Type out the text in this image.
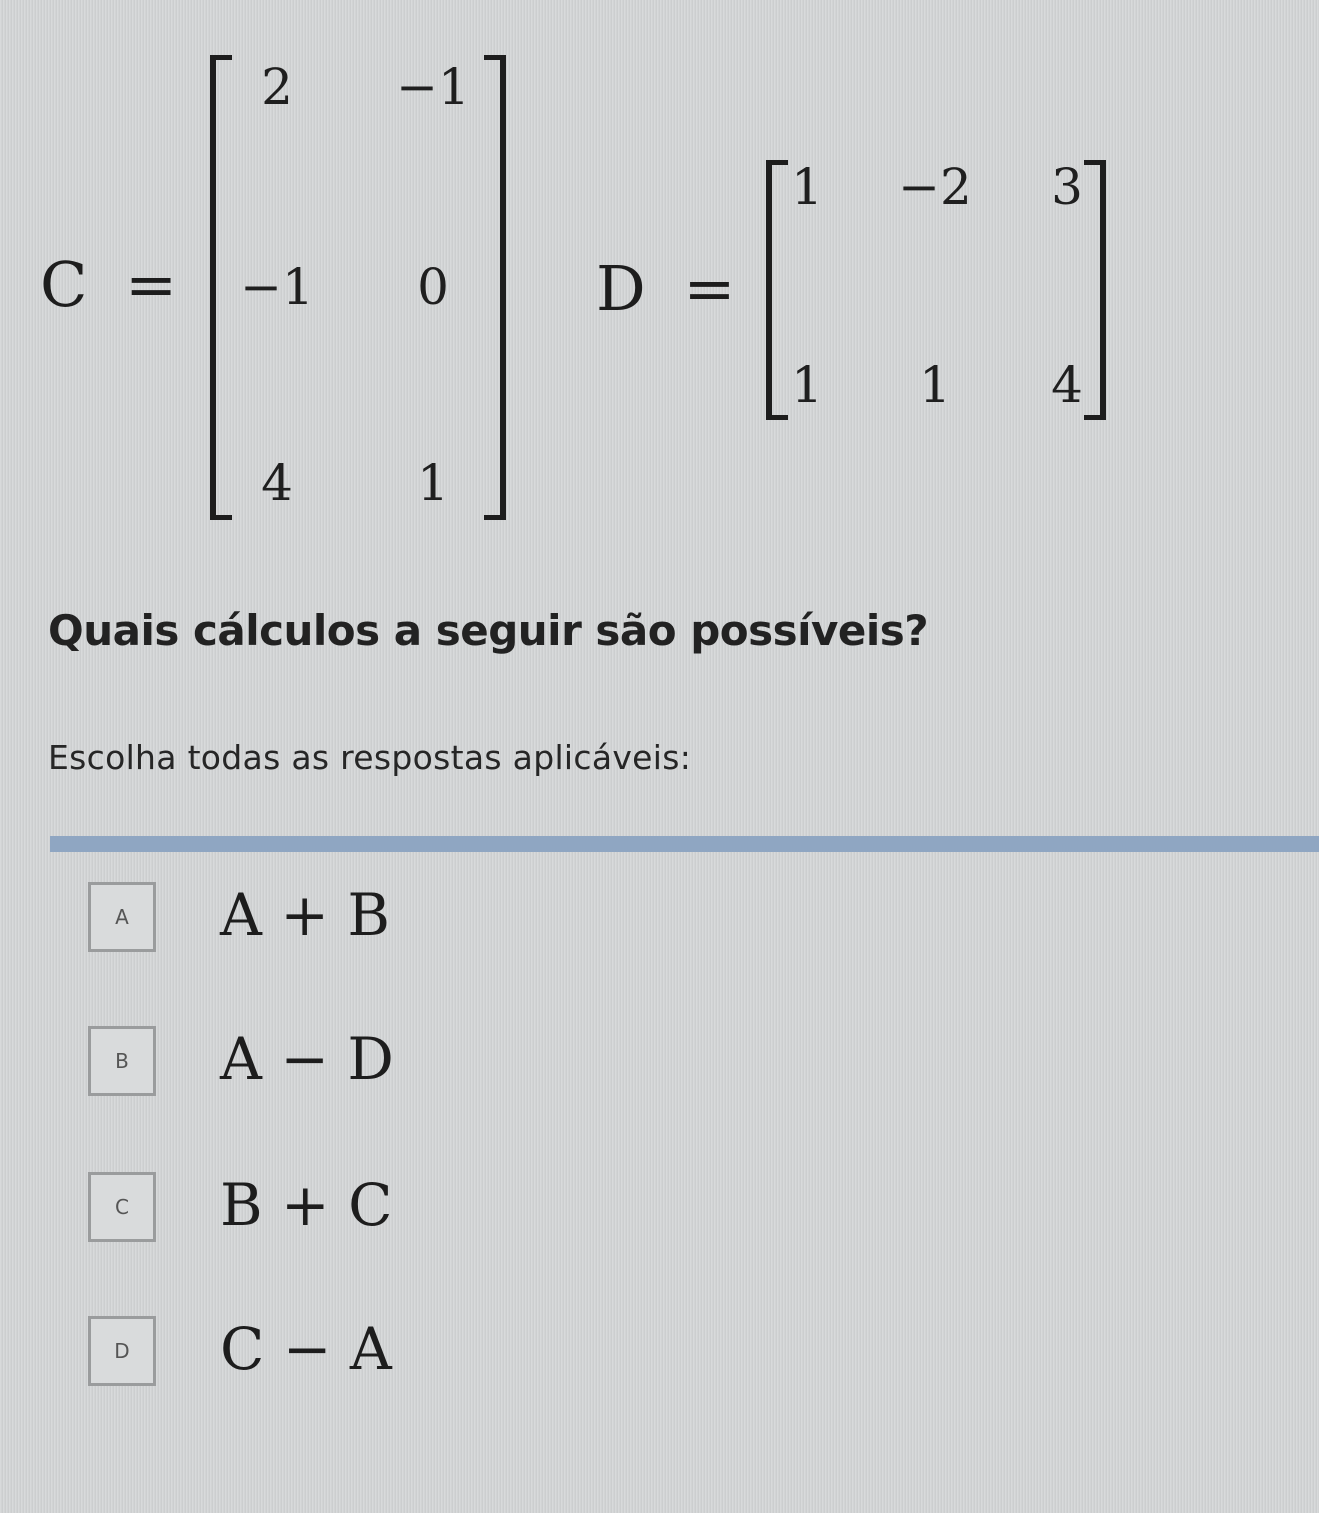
C =
2	−1
−1	0
4	1
D =
1	−2	3
1	1	4
Quais cálculos a seguir são possíveis?
Escolha todas as respostas aplicáveis:
A A + B
B A − D
C B + C
D C − A
